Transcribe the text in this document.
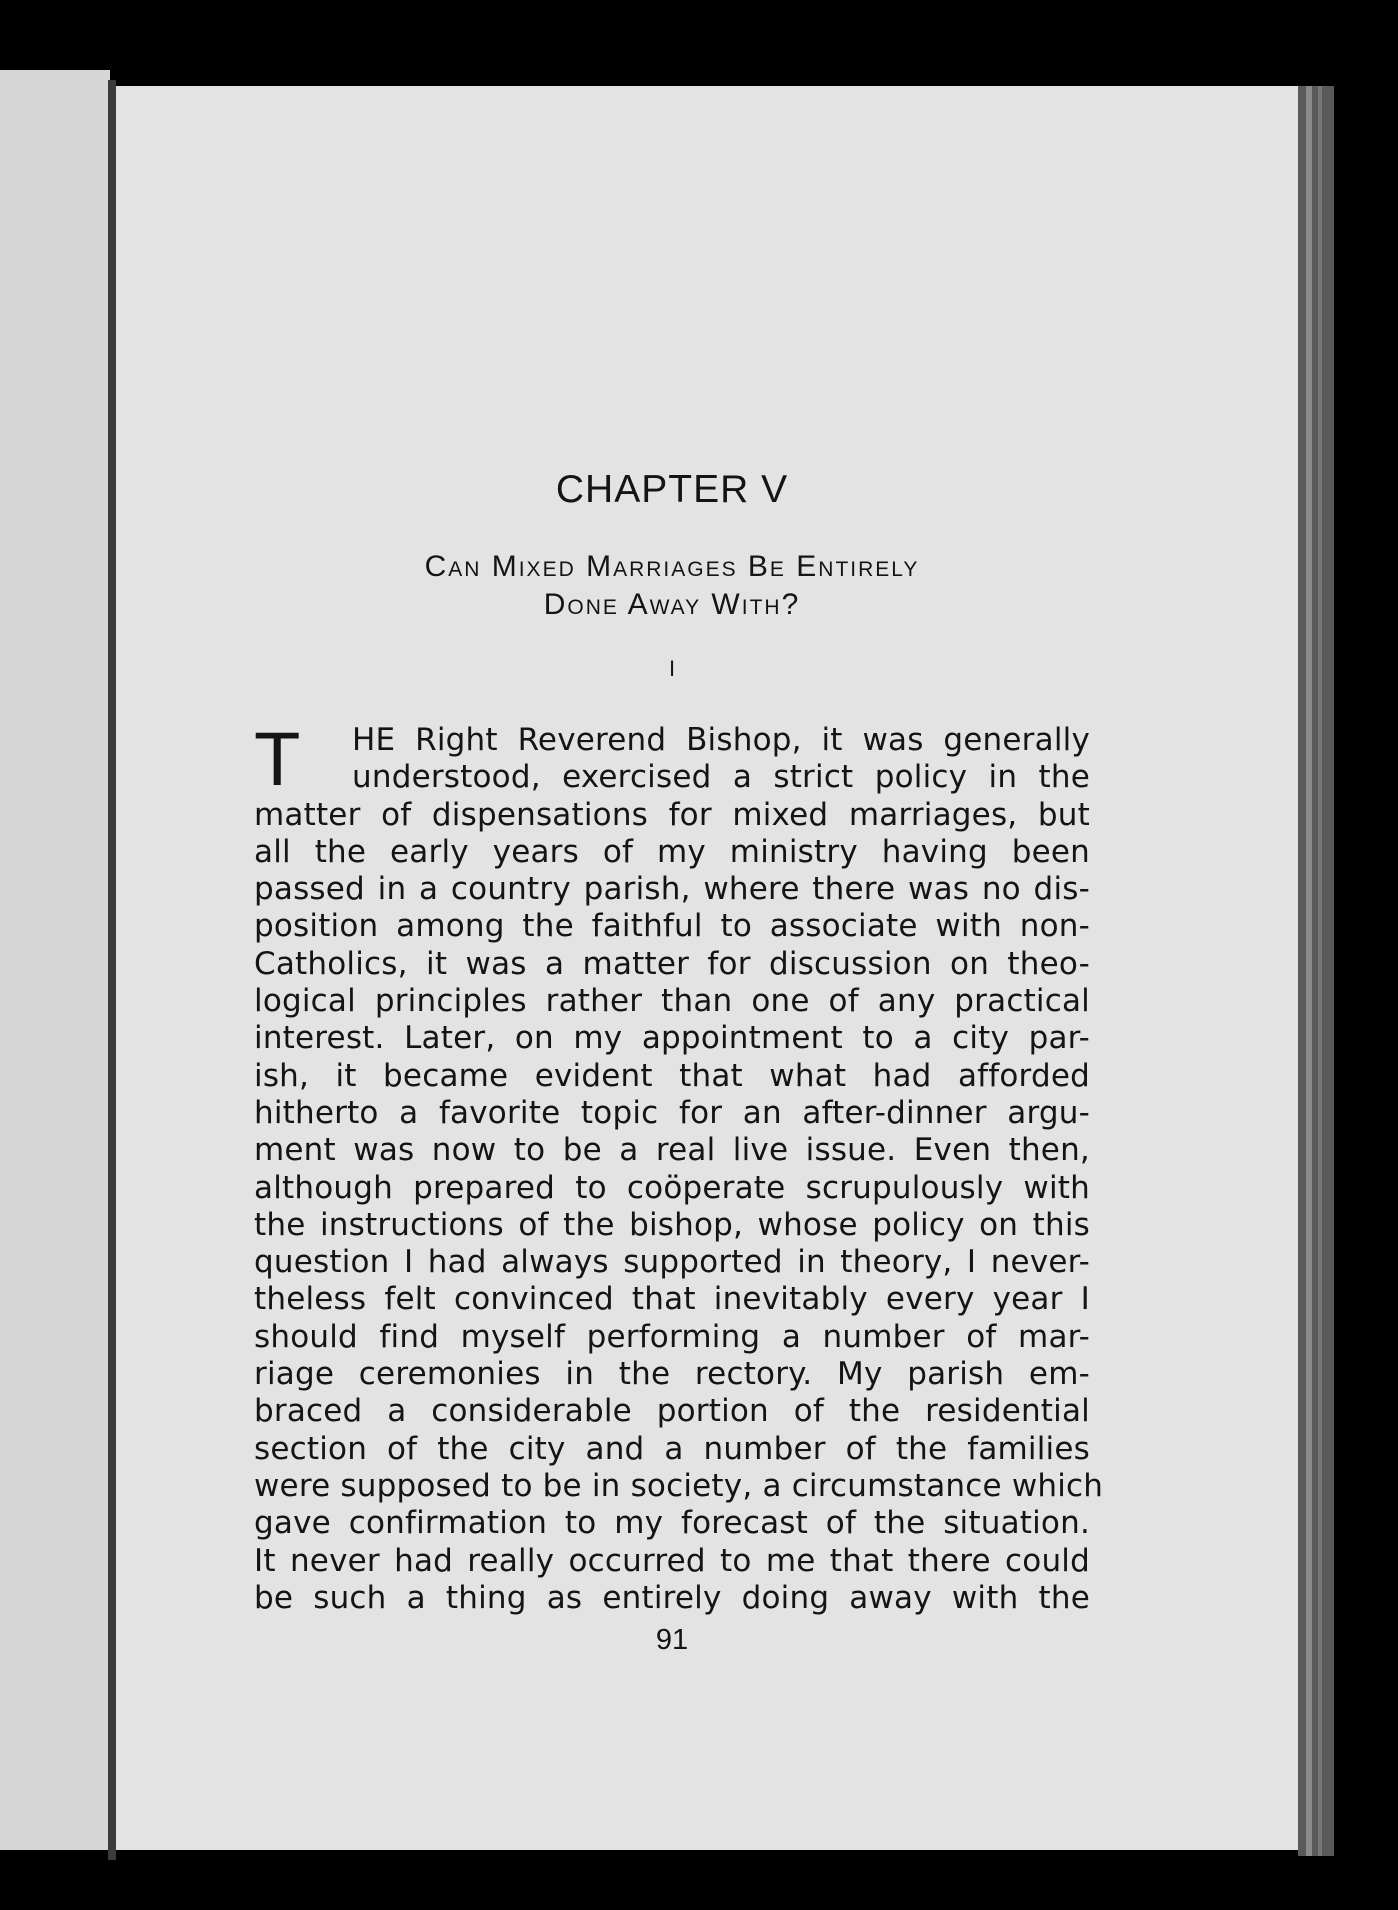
CHAPTER V
Can Mixed Marriages Be Entirely
Done Away With?
I
T HE Right Reverend Bishop, it was generally
understood, exercised a strict policy in the
matter of dispensations for mixed marriages, but
all the early years of my ministry having been
passed in a country parish, where there was no dis-
position among the faithful to associate with non-
Catholics, it was a matter for discussion on theo-
logical principles rather than one of any practical
interest. Later, on my appointment to a city par-
ish, it became evident that what had afforded
hitherto a favorite topic for an after-dinner argu-
ment was now to be a real live issue. Even then,
although prepared to coöperate scrupulously with
the instructions of the bishop, whose policy on this
question I had always supported in theory, I never-
theless felt convinced that inevitably every year I
should find myself performing a number of mar-
riage ceremonies in the rectory. My parish em-
braced a considerable portion of the residential
section of the city and a number of the families
were supposed to be in society, a circumstance which
gave confirmation to my forecast of the situation.
It never had really occurred to me that there could
be such a thing as entirely doing away with the
91
